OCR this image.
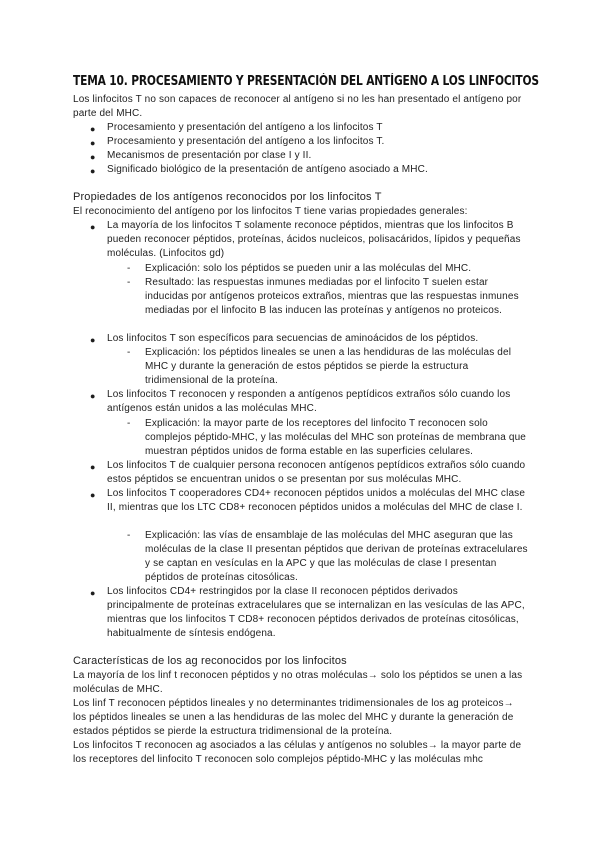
TEMA 10. PROCESAMIENTO Y PRESENTACIÓN DEL ANTÍGENO A LOS LINFOCITOS
Los linfocitos T no son capaces de reconocer al antígeno si no les han presentado el antígeno por parte del MHC.
● Procesamiento y presentación del antígeno a los linfocitos T
● Procesamiento y presentación del antígeno a los linfocitos T.
● Mecanismos de presentación por clase I y II.
● Significado biológico de la presentación de antígeno asociado a MHC.
Propiedades de los antígenos reconocidos por los linfocitos T
El reconocimiento del antígeno por los linfocitos T tiene varias propiedades generales:
● La mayoría de los linfocitos T solamente reconoce péptidos, mientras que los linfocitos B pueden reconocer péptidos, proteínas, ácidos nucleicos, polisacáridos, lípidos y pequeñas moléculas. (Linfocitos gd)
-	Explicación: solo los péptidos se pueden unir a las moléculas del MHC.
-	Resultado: las respuestas inmunes mediadas por el linfocito T suelen estar inducidas por antígenos proteicos extraños, mientras que las respuestas inmunes mediadas por el linfocito B las inducen las proteínas y antígenos no proteicos.
● Los linfocitos T son específicos para secuencias de aminoácidos de los péptidos.
-	Explicación: los péptidos lineales se unen a las hendiduras de las moléculas del MHC y durante la generación de estos péptidos se pierde la estructura tridimensional de la proteína.
● Los linfocitos T reconocen y responden a antígenos peptídicos extraños sólo cuando los antígenos están unidos a las moléculas MHC.
-	Explicación: la mayor parte de los receptores del linfocito T reconocen solo complejos péptido-MHC, y las moléculas del MHC son proteínas de membrana que muestran péptidos unidos de forma estable en las superficies celulares.
● Los linfocitos T de cualquier persona reconocen antígenos peptídicos extraños sólo cuando estos péptidos se encuentran unidos o se presentan por sus moléculas MHC.
● Los linfocitos T cooperadores CD4+ reconocen péptidos unidos a moléculas del MHC clase II, mientras que los LTC CD8+ reconocen péptidos unidos a moléculas del MHC de clase I.
-	Explicación: las vías de ensamblaje de las moléculas del MHC aseguran que las moléculas de la clase II presentan péptidos que derivan de proteínas extracelulares y se captan en vesículas en la APC y que las moléculas de clase I presentan péptidos de proteínas citosólicas.
● Los linfocitos CD4+ restringidos por la clase II reconocen péptidos derivados principalmente de proteínas extracelulares que se internalizan en las vesículas de las APC, mientras que los linfocitos T CD8+ reconocen péptidos derivados de proteínas citosólicas, habitualmente de síntesis endógena.
Características de los ag reconocidos por los linfocitos
La mayoría de los linf t reconocen péptidos y no otras moléculas→ solo los péptidos se unen a las moléculas de MHC.
Los linf T reconocen péptidos lineales y no determinantes tridimensionales de los ag proteicos→ los péptidos lineales se unen a las hendiduras de las molec del MHC y durante la generación de estados péptidos se pierde la estructura tridimensional de la proteína.
Los linfocitos T reconocen ag asociados a las células y antígenos no solubles→ la mayor parte de los receptores del linfocito T reconocen solo complejos péptido-MHC y las moléculas mhc
